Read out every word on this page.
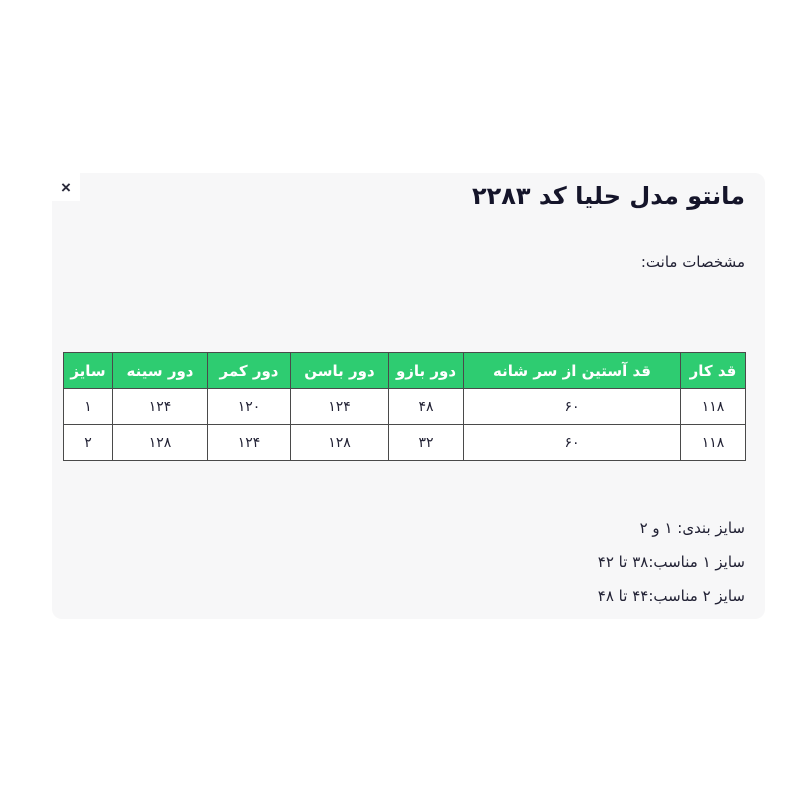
×	مانتو مدل حلیا کد ۲۲۸۳
مشخصات مانت:
قد کار	قد آستین از سر شانه	دور بازو	دور باسن	دور کمر	دور سینه	سایز
۱۱۸	۶۰	۴۸	۱۲۴	۱۲۰	۱۲۴	۱
۱۱۸	۶۰	۳۲	۱۲۸	۱۲۴	۱۲۸	۲
سایز بندی: ۱ و ۲
سایز ۱ مناسب:۳۸ تا ۴۲
سایز ۲ مناسب:۴۴ تا ۴۸
